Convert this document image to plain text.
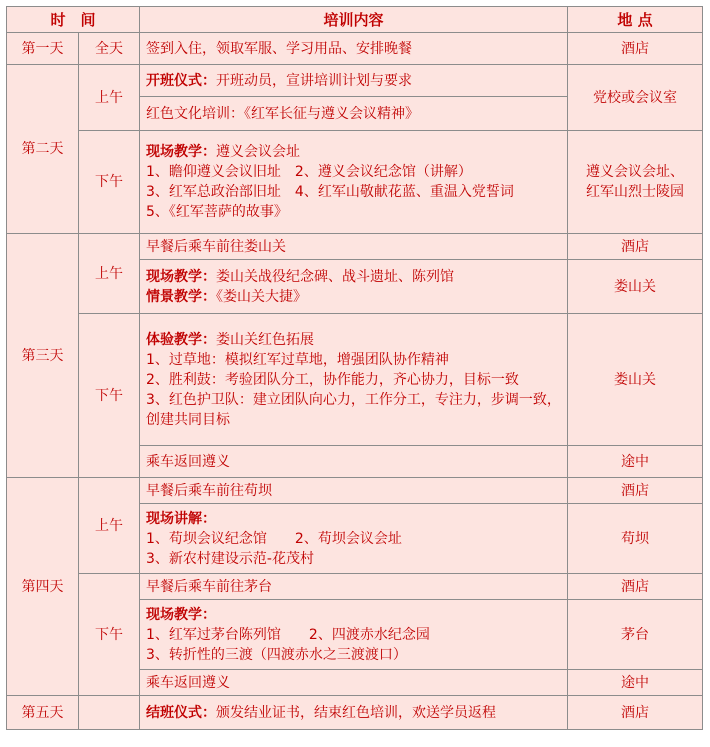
时　间		培训内容	地 点
第一天	全天	签到入住，领取军服、学习用品、安排晚餐	酒店
第二天	上午	开班仪式：开班动员，宣讲培训计划与要求	党校或会议室
		红色文化培训：《红军长征与遵义会议精神》	
	下午	现场教学：遵义会议会址
1、瞻仰遵义会议旧址　2、遵义会议纪念馆（讲解）
3、红军总政治部旧址　4、红军山敬献花蓝、重温入党誓词
5、《红军菩萨的故事》	遵义会议会址、
红军山烈士陵园

第三天	上午	早餐后乘车前往娄山关	酒店

		现场教学：娄山关战役纪念碑、战斗遗址、陈列馆
情景教学：《娄山关大捷》	娄山关
	下午	体验教学：娄山关红色拓展
1、过草地：模拟红军过草地，增强团队协作精神
2、胜利鼓：考验团队分工，协作能力，齐心协力，目标一致
3、红色护卫队：建立团队向心力，工作分工，专注力，步调一致，创建共同目标	娄山关
		乘车返回遵义	途中
第四天	上午	早餐后乘车前往苟坝	酒店

		现场讲解：
1、苟坝会议纪念馆　　2、苟坝会议会址
3、新农村建设示范-花茂村	苟坝
	下午	早餐后乘车前往茅台	酒店

		现场教学：
1、红军过茅台陈列馆　　2、四渡赤水纪念园
3、转折性的三渡（四渡赤水之三渡渡口）	茅台
		乘车返回遵义	途中
第五天		结班仪式：颁发结业证书，结束红色培训，欢送学员返程	酒店
